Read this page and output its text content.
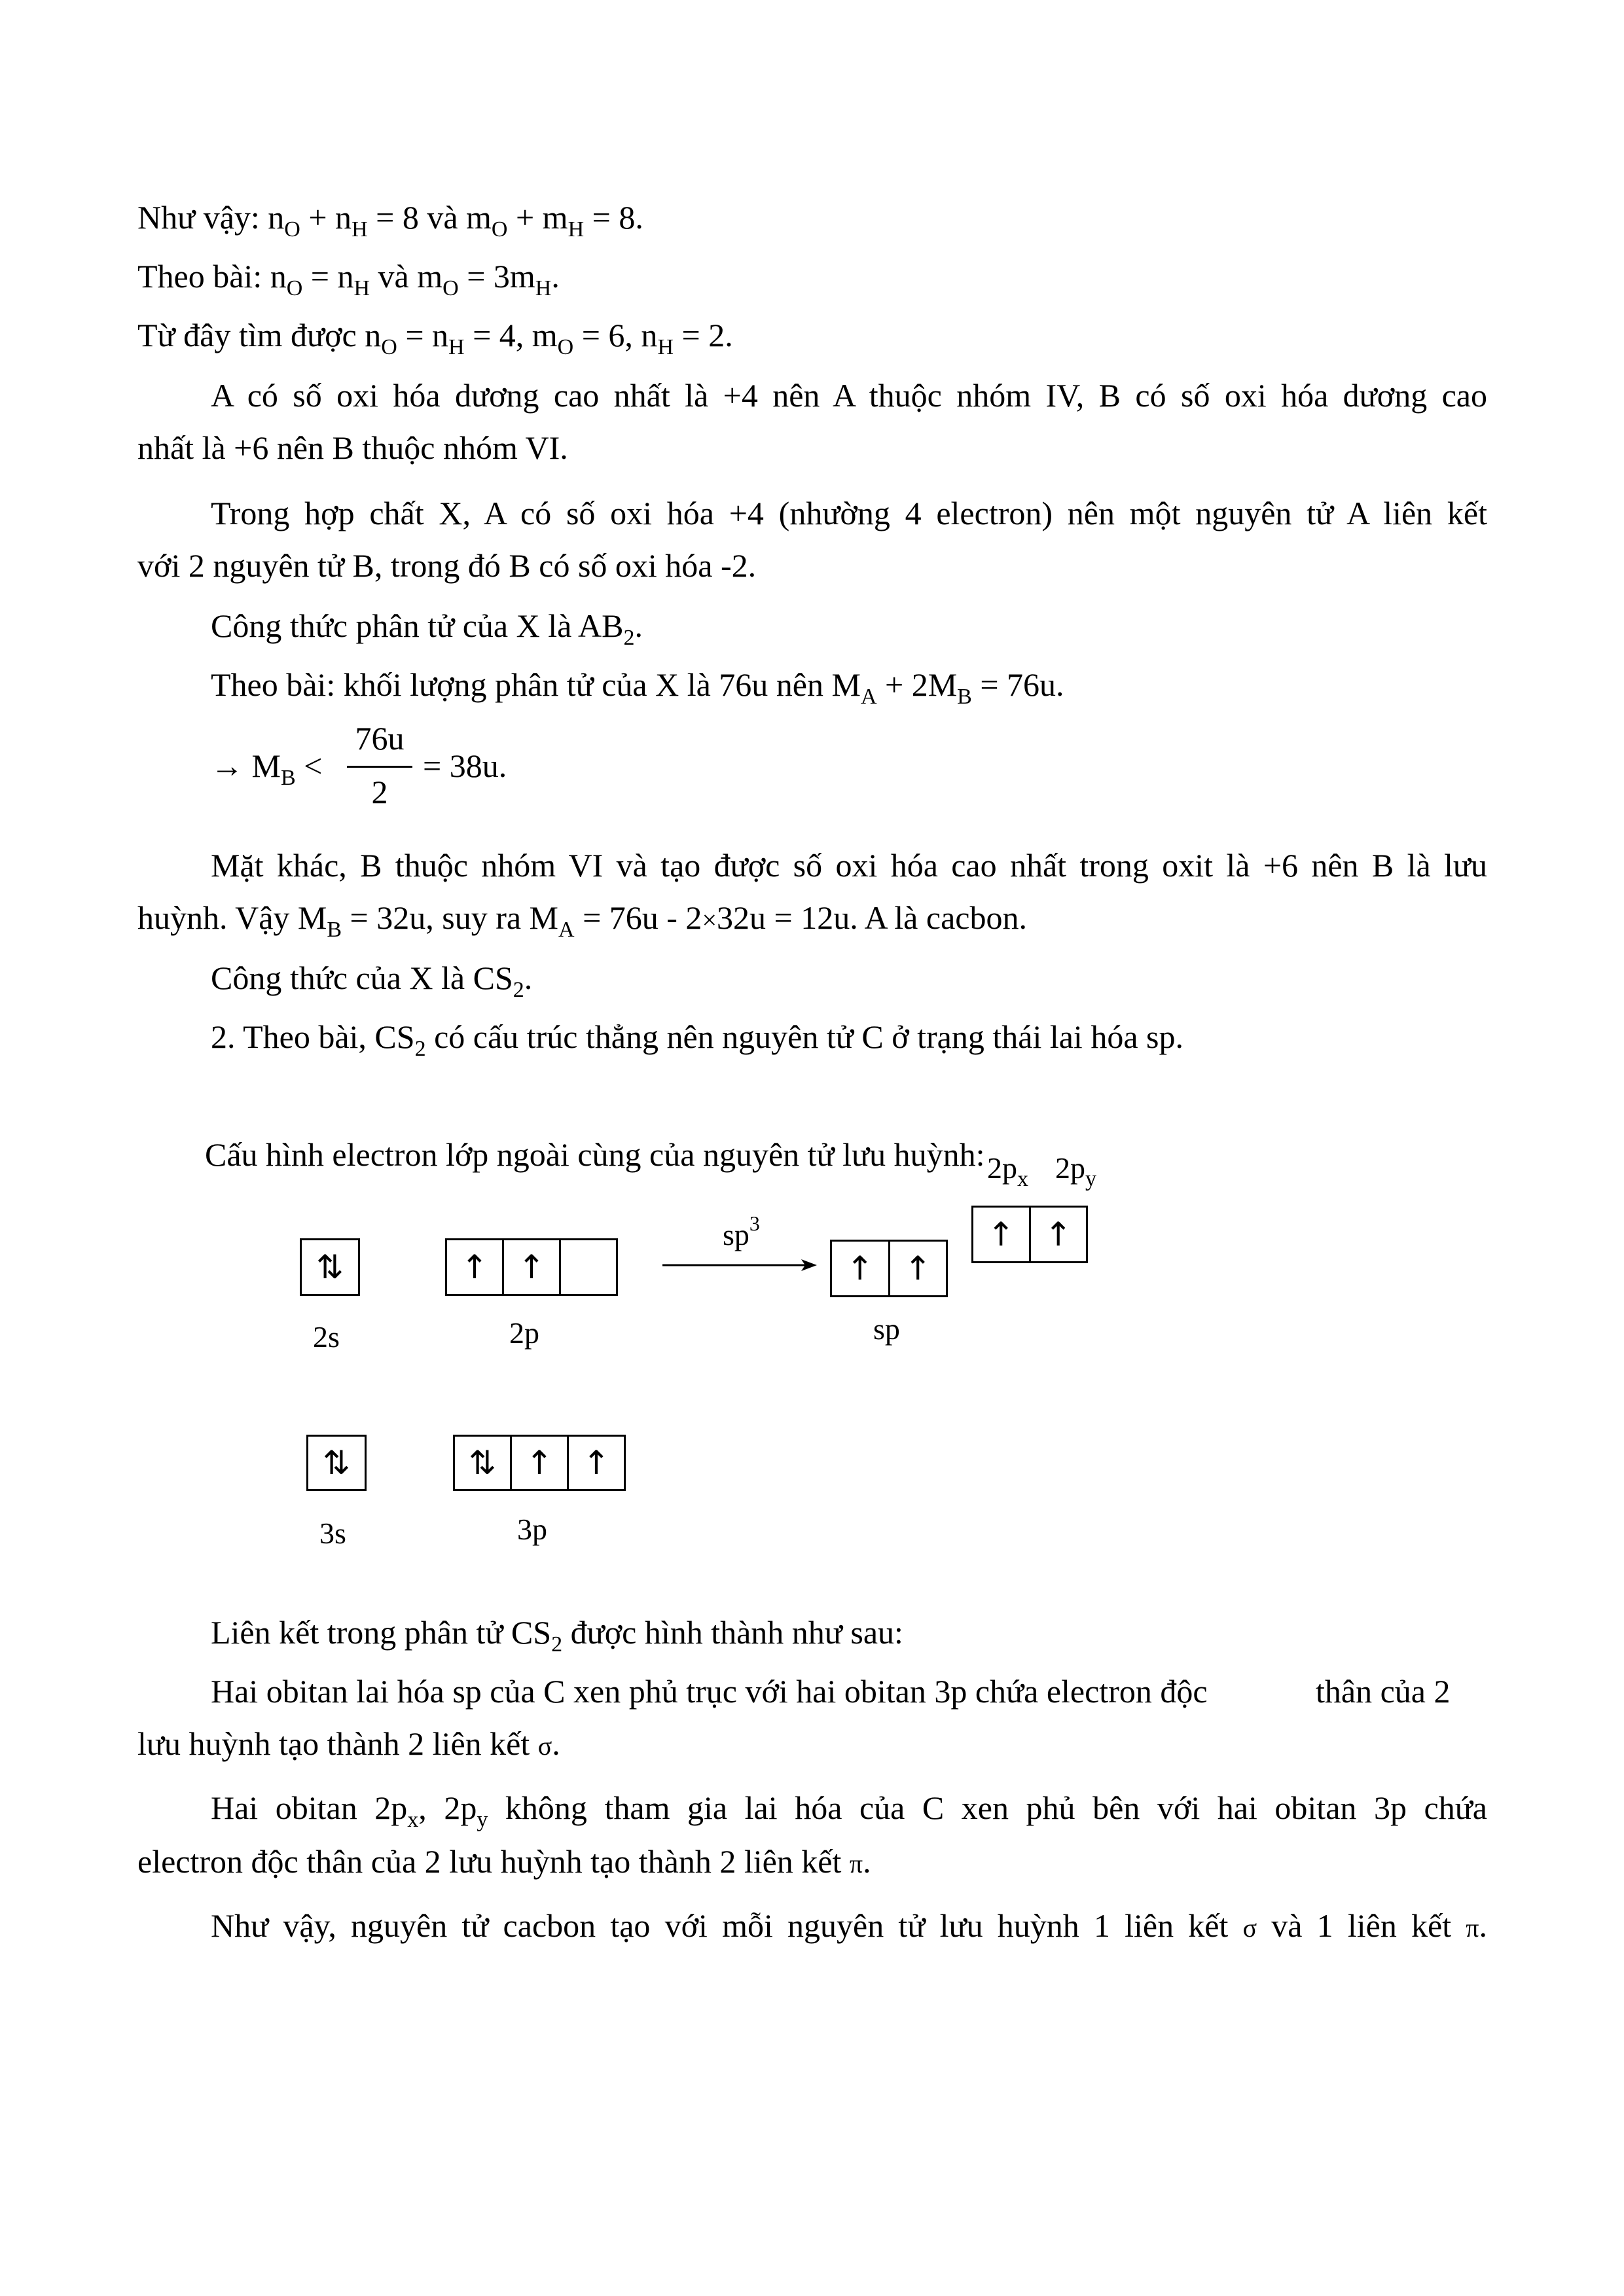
Như vậy: $n_O + n_H = 8$ và $m_O + m_H = 8$.
Theo bài: $n_O = n_H$ và $m_O = 3m_H$.
Từ đây tìm được $n_O = n_H = 4$, $m_O = 6$, $n_H = 2$.
A có số oxi hóa dương cao nhất là +4 nên A thuộc nhóm IV, B có số oxi hóa dương cao
nhất là +6 nên B thuộc nhóm VI.
Trong hợp chất X, A có số oxi hóa +4 (nhường 4 electron) nên một nguyên tử A liên kết
với 2 nguyên tử B, trong đó B có số oxi hóa -2.
Công thức phân tử của X là $AB_2$.
Theo bài: khối lượng phân tử của X là 76u nên $M_A + 2M_B = 76u$.
→ $M_B$ <
76u
2
= 38u.
Mặt khác, B thuộc nhóm VI và tạo được số oxi hóa cao nhất trong oxit là +6 nên B là lưu
huỳnh. Vậy $M_B = 32u$, suy ra $M_A = 76u - 2\times 32u = 12u$. A là cacbon.
Công thức của X là $CS_2$.
2. Theo bài, $CS_2$ có cấu trúc thẳng nên nguyên tử C ở trạng thái lai hóa sp.
Cấu hình electron lớp ngoài cùng của nguyên tử lưu huỳnh: $2p_x$ $2p_y$
↑ ↑
⇅
2s
↑ ↑
2p
$sp^3$
↑ ↑
sp
⇅
3s
⇅ ↑ ↑
3p
Liên kết trong phân tử $CS_2$ được hình thành như sau:
Hai obitan lai hóa sp của C xen phủ trục với hai obitan 3p chứa electron độc	thân của 2
lưu huỳnh tạo thành 2 liên kết σ.
Hai obitan $2p_x$, $2p_y$ không tham gia lai hóa của C xen phủ bên với hai obitan 3p chứa
electron độc thân của 2 lưu huỳnh tạo thành 2 liên kết π.
Như vậy, nguyên tử cacbon tạo với mỗi nguyên tử lưu huỳnh 1 liên kết σ và 1 liên kết π.
